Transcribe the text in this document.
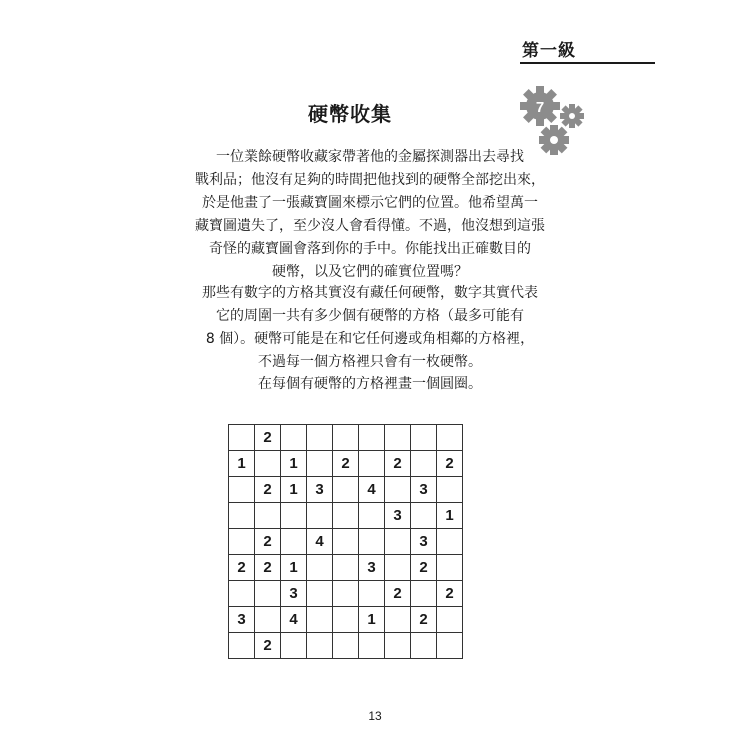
第一級
7
硬幣收集
一位業餘硬幣收藏家帶著他的金屬探測器出去尋找
戰利品；他沒有足夠的時間把他找到的硬幣全部挖出來，
於是他畫了一張藏寶圖來標示它們的位置。他希望萬一
藏寶圖遺失了，至少沒人會看得懂。不過，他沒想到這張
奇怪的藏寶圖會落到你的手中。你能找出正確數目的
硬幣，以及它們的確實位置嗎？
那些有數字的方格其實沒有藏任何硬幣，數字其實代表
它的周圍一共有多少個有硬幣的方格（最多可能有
8 個）。硬幣可能是在和它任何邊或角相鄰的方格裡，
不過每一個方格裡只會有一枚硬幣。
在每個有硬幣的方格裡畫一個圓圈。
	2							
1		1		2		2		2
	2	1	3		4		3	
						3		1
	2		4				3	
2	2	1			3		2	
		3				2		2
3		4			1		2	
	2							
13
